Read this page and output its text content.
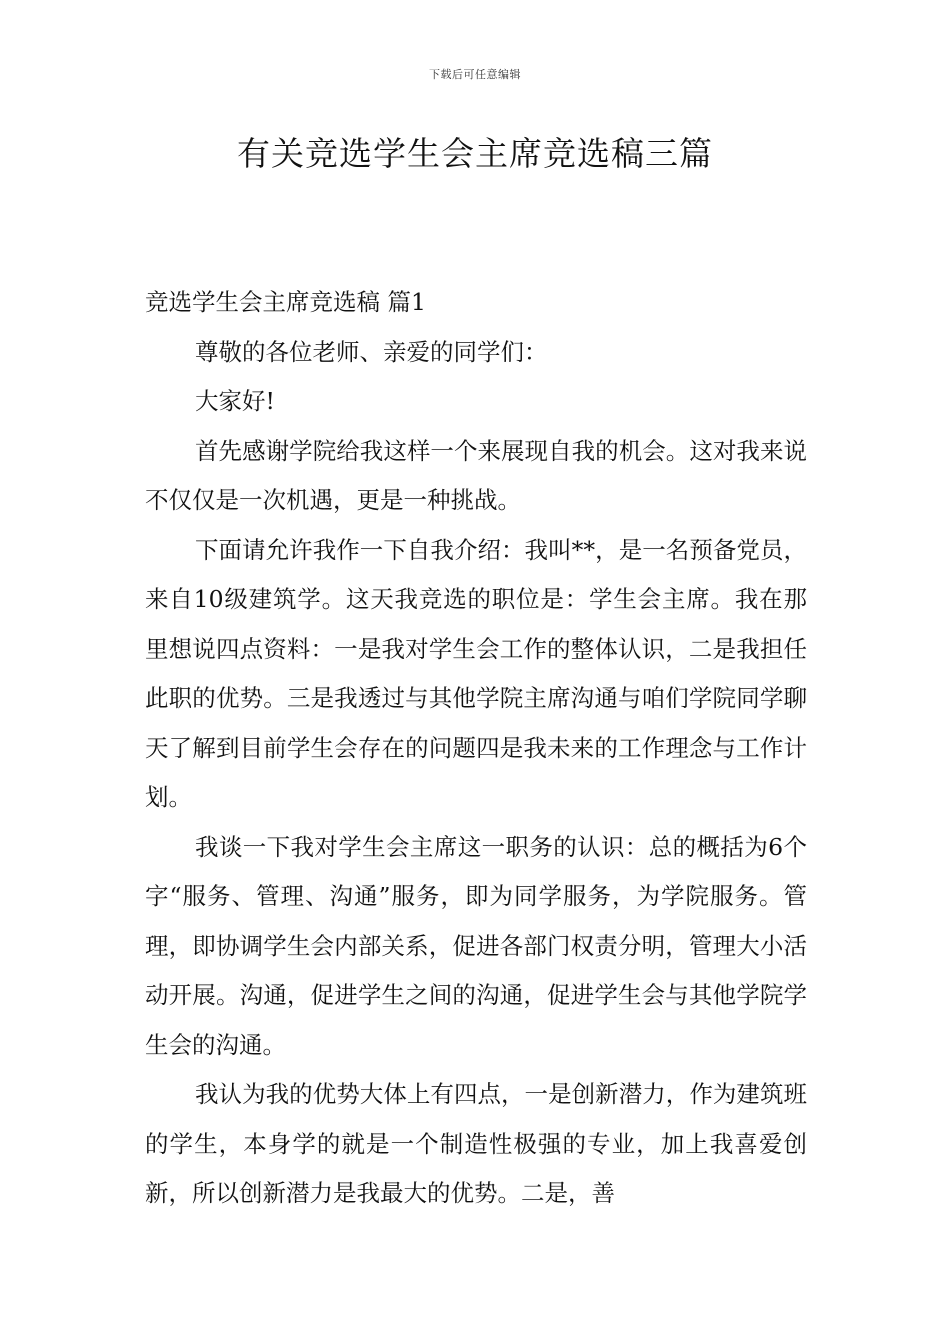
下载后可任意编辑
有关竞选学生会主席竞选稿三篇

竞选学生会主席竞选稿 篇1

尊敬的各位老师、亲爱的同学们：

大家好!

首先感谢学院给我这样一个来展现自我的机会。这对我来说不仅仅是一次机遇，更是一种挑战。

下面请允许我作一下自我介绍：我叫**，是一名预备党员，来自10级建筑学。这天我竞选的职位是：学生会主席。我在那里想说四点资料：一是我对学生会工作的整体认识，二是我担任此职的优势。三是我透过与其他学院主席沟通与咱们学院同学聊天了解到目前学生会存在的问题四是我未来的工作理念与工作计划。

我谈一下我对学生会主席这一职务的认识：总的概括为6个字“服务、管理、沟通”服务，即为同学服务，为学院服务。管理，即协调学生会内部关系，促进各部门权责分明，管理大小活动开展。沟通，促进学生之间的沟通，促进学生会与其他学院学生会的沟通。

我认为我的优势大体上有四点，一是创新潜力，作为建筑班的学生，本身学的就是一个制造性极强的专业，加上我喜爱创新，所以创新潜力是我最大的优势。二是，善
